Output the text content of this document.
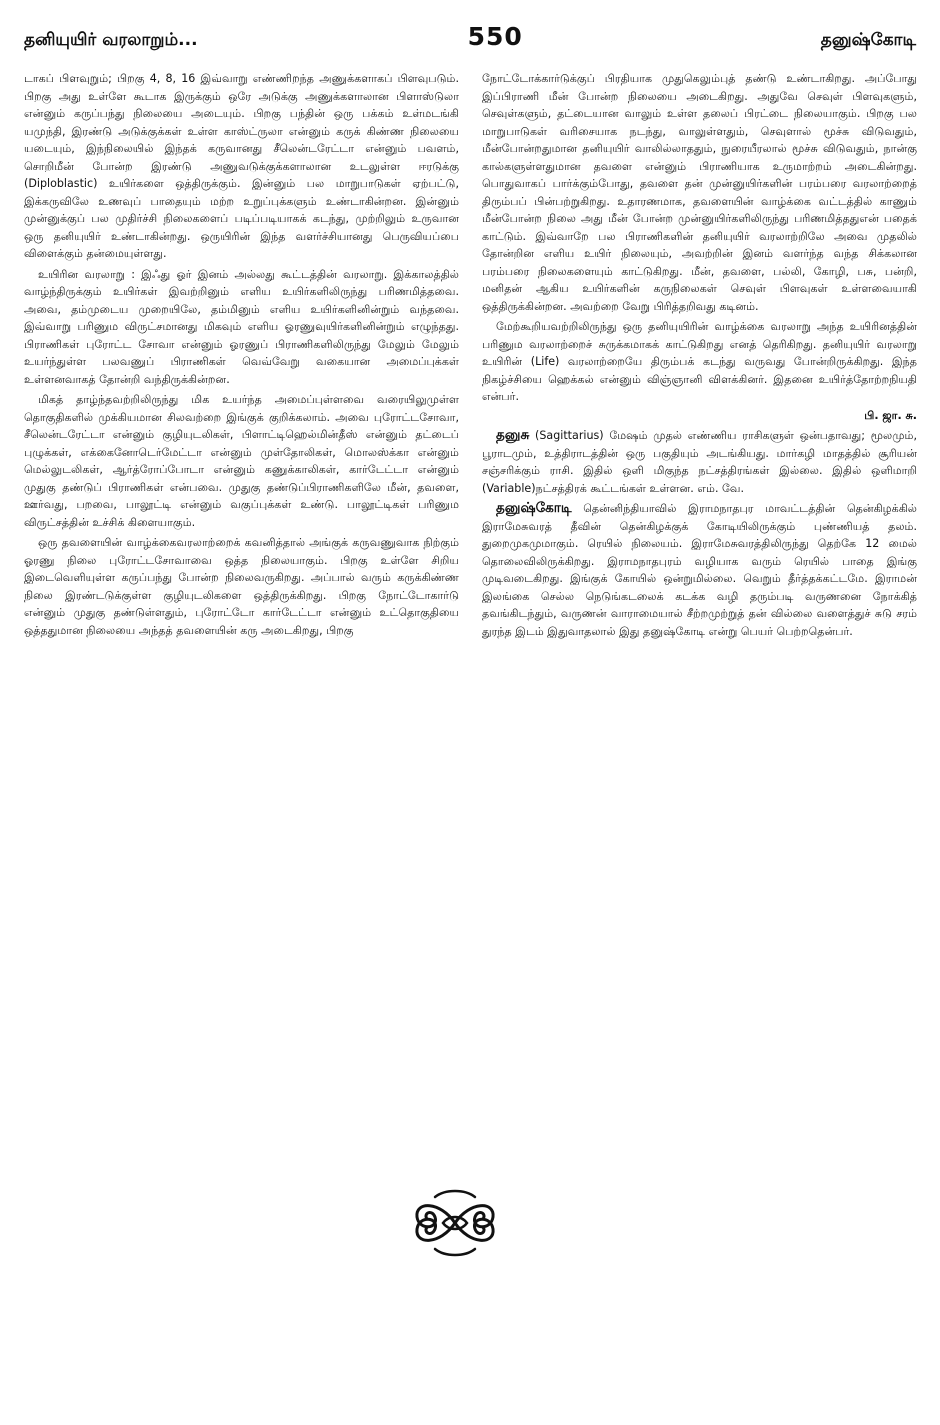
தனியுயிர் வரலாறும்...	550	தனுஷ்கோடி

டாகப் பிளவுறும்; பிறகு 4, 8, 16 இவ்வாறு எண்ணிறந்த அணுக்களாகப் பிளவுபடும். பிறகு அது உள்ளே கூடாக இருக்கும் ஒரே அடுக்கு அணுக்களாலான பிளாஸ்டுலா என்னும் கருப்பந்து நிலையை அடையும். பிறகு பந்தின் ஒரு பக்கம் உள்மடங்கி யமுந்தி, இரண்டு அடுக்குக்கள் உள்ள காஸ்ட்ருலா என்னும் கருக் கிண்ண நிலையை யடையும், இந்நிலையில் இந்தக் கருவானது சீலென்டரேட்டா என்னும் பவளம், சொறிமீன் போன்ற இரண்டு அணுவடுக்குக்களாலான உடலுள்ள ஈரடுக்கு (Diploblastic) உயிர்களை ஒத்திருக்கும். இன்னும் பல மாறுபாடுகள் ஏற்பட்டு, இக்கருவிலே உணவுப் பாதையும் மற்ற உறுப்புக்களும் உண்டாகின்றன. இன்னும் முன்னுக்குப் பல முதிர்ச்சி நிலைகளைப் படிப்படியாகக் கடந்து, முற்றிலும் உருவான ஒரு தனியுயிர் உண்டாகின்றது. ஒருயிரின் இந்த வளர்ச்சியானது பெருவியப்பை விளைக்கும் தன்மையுள்ளது.

உயிரின வரலாறு : இஃது ஓர் இனம் அல்லது கூட்டத்தின் வரலாறு. இக்காலத்தில் வாழ்ந்திருக்கும் உயிர்கள் இவற்றினும் எளிய உயிர்களிலிருந்து பரிணமித்தவை. அவை, தம்முடைய முறையிலே, தம்மினும் எளிய உயிர்களினின்றும் வந்தவை. இவ்வாறு பரிணும விருட்சமானது மிகவும் எளிய ஓரணுவுயிர்களினின்றும் எழுந்தது. பிராணிகள் புரோட்ட சோவா என்னும் ஓரணுப் பிராணிகளிலிருந்து மேலும் மேலும் உயர்ந்துள்ள பலவணுப் பிராணிகள் வெவ்வேறு வகையான அமைப்புக்கள் உள்ளனவாகத் தோன்றி வந்திருக்கின்றன.

மிகத் தாழ்ந்தவற்றிலிருந்து மிக உயர்ந்த அமைப்புள்ளவை வரையிலுமுள்ள தொகுதிகளில் முக்கியமான சிலவற்றை இங்குக் குறிக்கலாம். அவை புரோட்டசோவா, சீலென்டரேட்டா என்னும் குழியுடலிகள், பிளாட்டிஹெல்மின்தீஸ் என்னும் தட்டைப் புழுக்கள், எக்கைனோடெர்மேட்டா என்னும் முள்தோலிகள், மொலஸ்க்கா என்னும் மெல்லுடலிகள், ஆர்த்ரோப்போடா என்னும் கணுக்காலிகள், கார்டேட்டா என்னும் முதுகு தண்டுப் பிராணிகள் என்பவை. முதுகு தண்டுப்பிராணிகளிலே மீன், தவளை, ஊர்வது, பறவை, பாலூட்டி என்னும் வகுப்புக்கள் உண்டு. பாலூட்டிகள் பரிணும விருட்சத்தின் உச்சிக் கிளையாகும்.

ஒரு தவளையின் வாழ்க்கைவரலாற்றைக் கவனித்தால் அங்குக் கருவணுவாக நிற்கும் ஓரணு நிலை புரோட்டசோவாவை ஒத்த நிலையாகும். பிறகு உள்ளே சிறிய இடைவெளியுள்ள கருப்பந்து போன்ற நிலைவருகிறது. அப்பால் வரும் கருக்கிண்ண நிலை இரண்டடுக்குள்ள குழியுடலிகளை ஒத்திருக்கிறது. பிறகு நோட்டோகார்டு என்னும் முதுகு தண்டுள்ளதும், புரோட்டோ கார்டேட்டா என்னும் உட்தொகுதியை ஒத்ததுமான நிலையை அந்தத் தவளையின் கரு அடைகிறது, பிறகு

நோட்டோக்கார்டுக்குப் பிரதியாக முதுகெலும்புத் தண்டு உண்டாகிறது. அப்போது இப்பிராணி மீன் போன்ற நிலையை அடைகிறது. அதுவே செவுள் பிளவுகளும், செவுள்களும், தட்டையான வாலும் உள்ள தலைப் பிரட்டை நிலையாகும். பிறகு பல மாறுபாடுகள் வரிசையாக நடந்து, வாலுள்ளதும், செவுளால் மூச்சு விடுவதும், மீன்போன்றதுமான தனியுயிர் வாலில்லாததும், நுரையீரலால் மூச்சு விடுவதும், நான்கு கால்களுள்ளதுமான தவளை என்னும் பிராணியாக உருமாற்றம் அடைகின்றது. பொதுவாகப் பார்க்கும்போது, தவளை தன் முன்னுயிர்களின் பரம்பரை வரலாற்றைத் திரும்பப் பின்பற்றுகிறது. உதாரணமாக, தவளையின் வாழ்க்கை வட்டத்தில் காணும் மீன்போன்ற நிலை அது மீன் போன்ற முன்னுயிர்களிலிருந்து பரிணமித்ததுஎன் பதைக் காட்டும். இவ்வாறே பல பிராணிகளின் தனியுயிர் வரலாற்றிலே அவை முதலில் தோன்றின எளிய உயிர் நிலையும், அவற்றின் இனம் வளர்ந்த வந்த சிக்கலான பரம்பரை நிலைகளையும் காட்டுகிறது. மீன், தவளை, பல்லி, கோழி, பசு, பன்றி, மனிதன் ஆகிய உயிர்களின் கருநிலைகள் செவுள் பிளவுகள் உள்ளவையாகி ஒத்திருக்கின்றன. அவற்றை வேறு பிரித்தறிவது கடினம்.

மேற்கூறியவற்றிலிருந்து ஒரு தனியுயிரின் வாழ்க்கை வரலாறு அந்த உயிரினத்தின் பரிணும வரலாற்றைச் சுருக்கமாகக் காட்டுகிறது எனத் தெரிகிறது. தனியுயிர் வரலாறு உயிரின் (Life) வரலாற்றையே திரும்பக் கடந்து வருவது போன்றிருக்கிறது. இந்த நிகழ்ச்சியை ஹெக்கல் என்னும் விஞ்ஞானி விளக்கினர். இதனை உயிர்த்தோற்றநியதி என்பர்.

பி. ஜா. சு.

தனுசு (Sagittarius) மேஷம் முதல் எண்ணிய ராசிகளுள் ஒன்பதாவது; மூலமும், பூராடமும், உத்திராடத்தின் ஒரு பகுதியும் அடங்கியது. மார்கழி மாதத்தில் சூரியன் சஞ்சரிக்கும் ராசி. இதில் ஒளி மிகுந்த நட்சத்திரங்கள் இல்லை. இதில் ஒளிமாறி (Variable)நட்சத்திரக் கூட்டங்கள் உள்ளன. எம். வே.

தனுஷ்கோடி தென்னிந்தியாவில் இராமநாதபுர மாவட்டத்தின் தென்கிழக்கில் இராமேசுவரத் தீவின் தென்கிழக்குக் கோடியிலிருக்கும் புண்ணியத் தலம். துறைமுகமுமாகும். ரெயில் நிலையம். இராமேசுவரத்திலிருந்து தெற்கே 12 மைல் தொலைவிலிருக்கிறது. இராமநாதபுரம் வழியாக வரும் ரெயில் பாதை இங்கு முடிவடைகிறது. இங்குக் கோயில் ஒன்றுமில்லை. வெறும் தீர்த்தக்கட்டமே. இராமன் இலங்கை செல்ல நெடுங்கடலைக் கடக்க வழி தரும்படி வருணனை நோக்கித் தவங்கிடந்தும், வருணன் வாராமையால் சீற்றமுற்றுத் தன் வில்லை வளைத்துச் சுடு சரம் துரந்த இடம் இதுவாதலால் இது தனுஷ்கோடி என்று பெயர் பெற்றதென்பர்.
